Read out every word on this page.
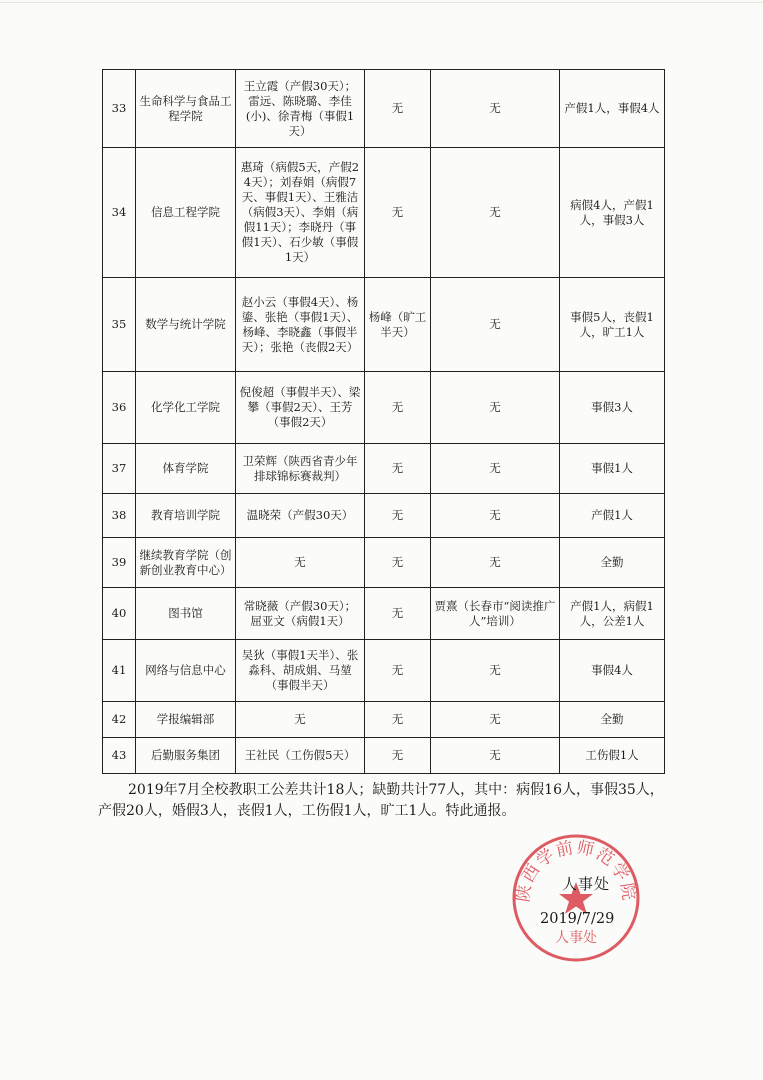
33	生命科学与食品工程学院	王立霞（产假30天）；雷远、陈晓璐、李佳(小)、徐青梅（事假1天）	无	无	产假1人，事假4人
34	信息工程学院	惠琦（病假5天，产假24天）；刘春娟（病假7天、事假1天）、王雅洁（病假3天）、李娟（病假11天）；李晓丹（事假1天）、石少敏（事假1天）	无	无	病假4人，产假1人，事假3人
35	数学与统计学院	赵小云（事假4天）、杨鎏、张艳（事假1天）、杨峰、李晓鑫（事假半天）；张艳（丧假2天）	杨峰（旷工半天）	无	事假5人，丧假1人，旷工1人
36	化学化工学院	倪俊超（事假半天）、梁攀（事假2天）、王芳（事假2天）	无	无	事假3人
37	体育学院	卫荣辉（陕西省青少年排球锦标赛裁判）	无	无	事假1人
38	教育培训学院	温晓荣（产假30天）	无	无	产假1人
39	继续教育学院（创新创业教育中心）	无	无	无	全勤
40	图书馆	常晓薇（产假30天）；屈亚文（病假1天）	无	贾熹（长春市“阅读推广人”培训）	产假1人，病假1人，公差1人
41	网络与信息中心	吴狄（事假1天半）、张淼科、胡成娟、马堃（事假半天）	无	无	事假4人
42	学报编辑部	无	无	无	全勤
43	后勤服务集团	王社民（工伤假5天）	无	无	工伤假1人

2019年7月全校教职工公差共计18人；缺勤共计77人，其中：病假16人，事假35人，产假20人，婚假3人，丧假1人，工伤假1人，旷工1人。特此通报。

陕西学前师范学院
人事处
人事处
2019/7/29
